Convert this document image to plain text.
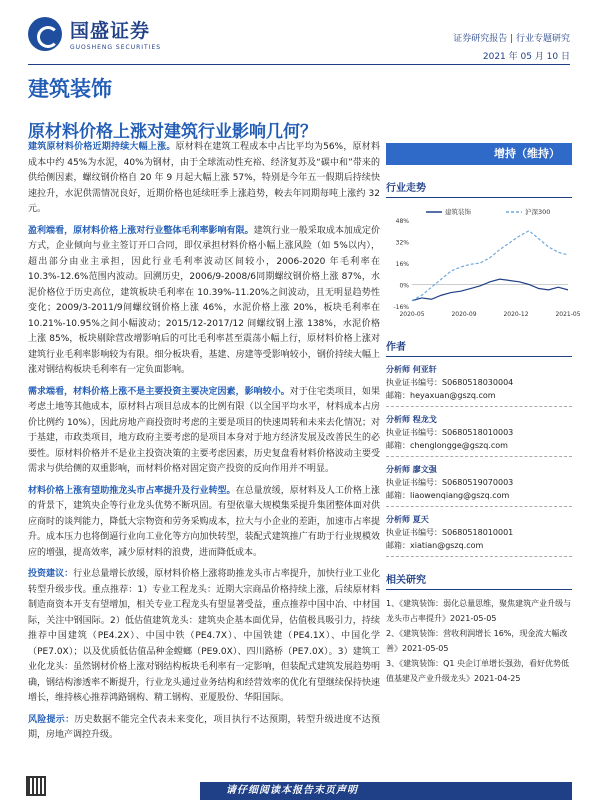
国盛证券
GUOSHENG SECURITIES
证券研究报告 | 行业专题研究
2021 年 05 月 10 日
建筑装饰
原材料价格上涨对建筑行业影响几何？

建筑原材料价格近期持续大幅上涨。原材料在建筑工程成本中占比平均为56%，原材料成本中约 45%为水泥，40%为钢材，由于全球流动性充裕、经济复苏及“碳中和”带来的供给侧因素，螺纹钢价格自 20 年 9 月起大幅上涨 57%，特别是今年五一假期后持续快速拉升，水泥供需情况良好，近期价格也延续旺季上涨趋势，較去年同期每吨上涨约 32元。

盈利端看，原材料价格上涨对行业整体毛利率影响有限。建筑行业一般采取成本加成定价方式，企业倾向与业主签订开口合同，即仅承担材料价格小幅上涨风险（如 5%以内），超出部分由业主承担，因此行业毛利率波动区间较小，2006-2020 年毛利率在 10.3%-12.6%范围内波动。回溯历史，2006/9-2008/6同期螺纹钢价格上涨 87%，水泥价格位于历史高位，建筑板块毛利率在 10.39%-11.20%之间波动，且无明显趋势性变化；2009/3-2011/9间螺纹钢价格上涨 46%，水泥价格上涨 20%，板块毛利率在10.21%-10.95%之间小幅波动；2015/12-2017/12 间螺纹钢上涨 138%，水泥价格上涨 85%，板块剔除营改增影响后的可比毛利率甚至震荡小幅上行，原材料价格上涨对建筑行业毛利率影响较为有限。细分板块看，基建、房建等受影响较小，钢价持续大幅上涨对钢结构板块毛利率有一定负面影响。

需求端看，材料价格上涨不是主要投资主要决定因素，影响较小。对于住宅类项目，如果考虑土地等其他成本，原材料占项目总成本的比例有限（以全国平均水平，材料成本占房价比例约 10%），因此房地产商投资时考虑的主要是项目的快速周转和未来去化情况；对于基建，市政类项目，地方政府主要考虑的是项目本身对于地方经济发展及改善民生的必要性。原材料价格并不是业主投资决策的主要考虑因素，历史复盘看材料价格波动主要受需求与供给侧的双重影响，而材料价格对固定资产投资的反向作用并不明显。

材料价格上涨有望助推龙头市占率提升及行业转型。在总量放缓，原材料及人工价格上涨的背景下，建筑央企等行业龙头优势不断巩固。有望依靠大规模集采提升集团整体面对供应商时的谈判能力，降低大宗物资和劳务采购成本，拉大与小企业的差距，加速市占率提升。成本压力也将倒逼行业向工业化等方向加快转型，装配式建筑推广有助于行业规模效应的增强，提高效率，减少原材料的浪费，进而降低成本。

投资建议：行业总量增长放缓，原材料价格上涨将助推龙头市占率提升，加快行业工业化转型升级步伐。重点推荐：1）专业工程龙头：近期大宗商品价格持续上涨，后续原材料制造商资本开支有望增加，相关专业工程龙头有望显著受益，重点推荐中国中冶、中材国际，关注中钢国际。2）低估值建筑龙头：建筑央企基本面优异，估值极具吸引力，持续推荐中国建筑（PE4.2X）、中国中铁（PE4.7X）、中国铁建（PE4.1X）、中国化学（PE7.0X）；以及优质低估值品种金螳螂（PE9.0X）、四川路桥（PE7.0X）。3）建筑工业化龙头：虽然钢材价格上涨对钢结构板块毛利率有一定影响，但装配式建筑发展趋势明确，钢结构渗透率不断提升，行业龙头通过业务结构和经营效率的优化有望继续保持快速增长，维持核心推荐鸿路钢构、精工钢构、亚厦股份、华阳国际。

风险提示：历史数据不能完全代表未来变化，项目执行不达预期，转型升级进度不达预期，房地产调控升级。

增持（维持）
行业走势
-16%
0%
16%
32%
48%
2020-05	2020-09	2020-12	2021-05
建筑装饰	沪深300
作者
分析师 何亚轩
执业证书编号：S0680518030004
邮箱：heyaxuan@gszq.com
分析师 程龙戈
执业证书编号：S0680518010003
邮箱：chenglongge@gszq.com
分析师 廖文强
执业证书编号：S0680519070003
邮箱：liaowenqiang@gszq.com
分析师 夏天
执业证书编号：S0680518010001
邮箱：xiatian@gszq.com
相关研究
1、《建筑装饰：弱化总量思维，聚焦建筑产业升级与龙头市占率提升》2021-05-05
2、《建筑装饰：营收利润增长 16%，现金流大幅改善》2021-05-05
3、《建筑装饰：Q1 央企订单增长强劲，看好优势低值基建及产业升级龙头》2021-04-25
请仔细阅读本报告末页声明
